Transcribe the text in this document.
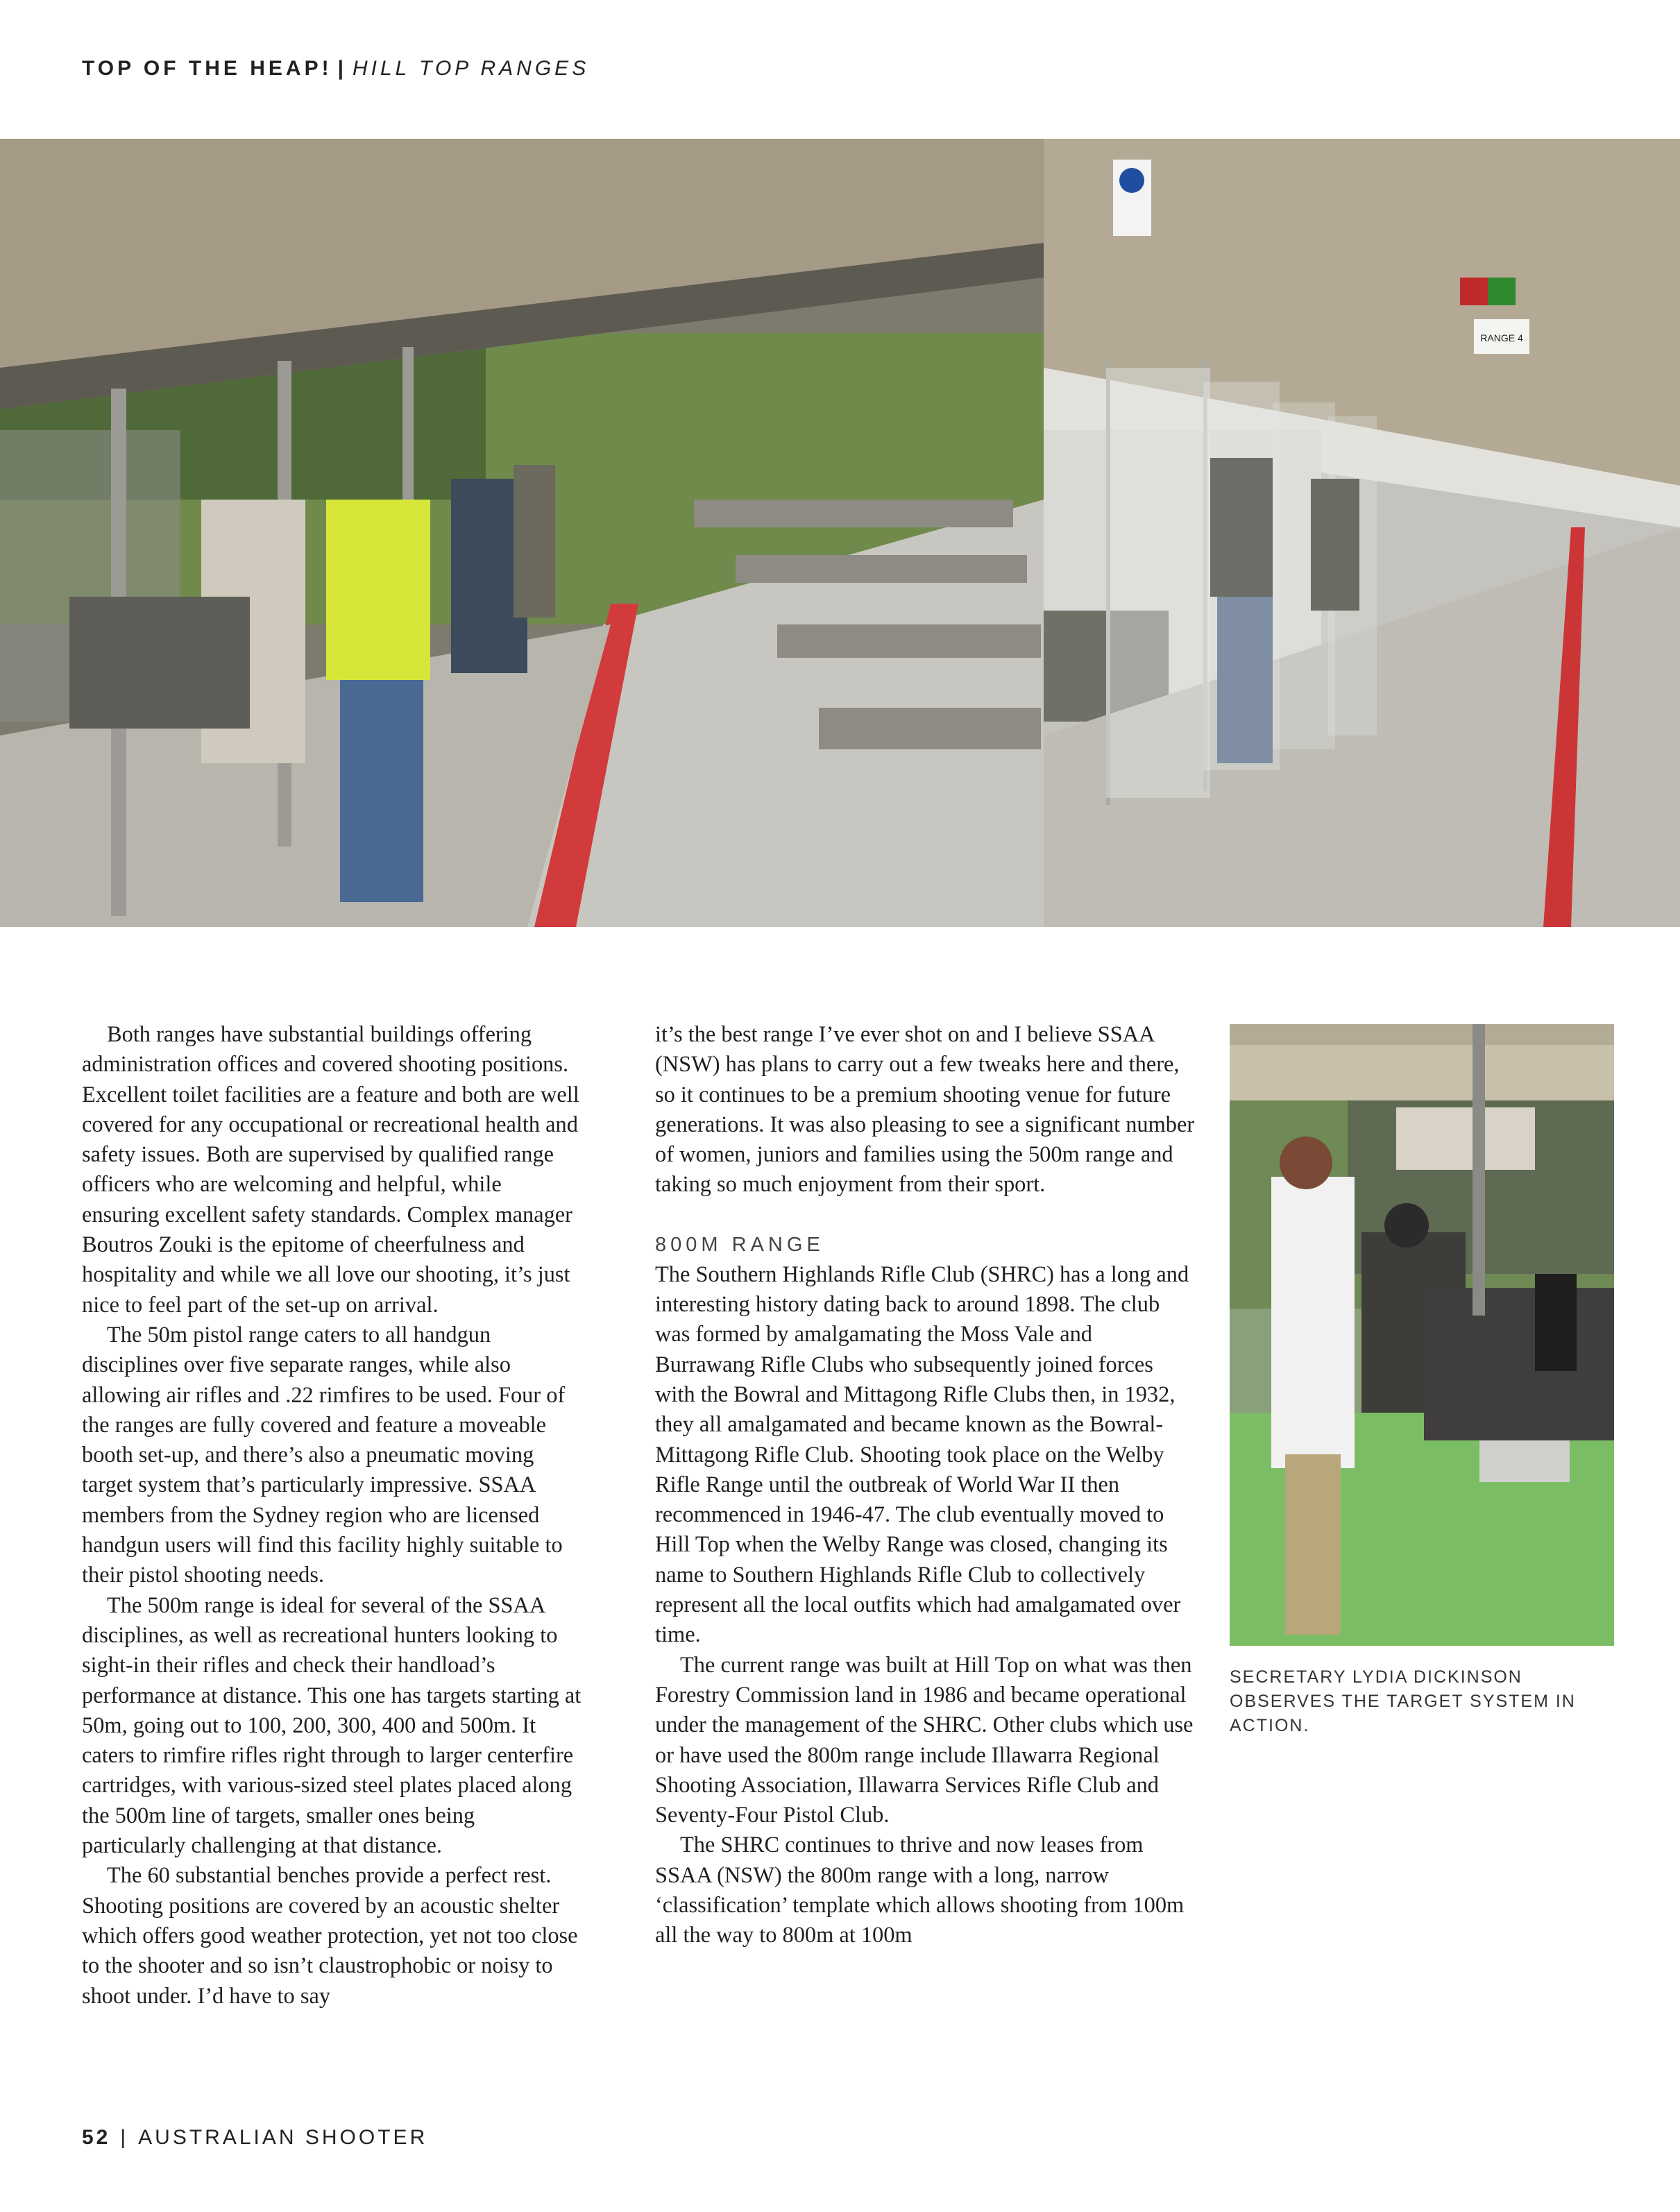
TOP OF THE HEAP! | HILL TOP RANGES
RANGE 4

Both ranges have substantial buildings offering administration offices and covered shooting positions. Excellent toilet facilities are a feature and both are well covered for any occupational or recreational health and safety issues. Both are supervised by qualified range officers who are welcoming and helpful, while ensuring excellent safety standards. Complex manager Boutros Zouki is the epitome of cheerfulness and hospitality and while we all love our shooting, it’s just nice to feel part of the set-up on arrival.

The 50m pistol range caters to all handgun disciplines over five separate ranges, while also allowing air rifles and .22 rimfires to be used. Four of the ranges are fully covered and feature a moveable booth set-up, and there’s also a pneumatic moving target system that’s particularly impressive. SSAA members from the Sydney region who are licensed handgun users will find this facility highly suitable to their pistol shooting needs.

The 500m range is ideal for several of the SSAA disciplines, as well as recreational hunters looking to sight-in their rifles and check their handload’s performance at distance. This one has targets starting at 50m, going out to 100, 200, 300, 400 and 500m. It caters to rimfire rifles right through to larger centerfire cartridges, with various-sized steel plates placed along the 500m line of targets, smaller ones being particularly challenging at that distance.

The 60 substantial benches provide a perfect rest. Shooting positions are covered by an acoustic shelter which offers good weather protection, yet not too close to the shooter and so isn’t claustrophobic or noisy to shoot under. I’d have to say

it’s the best range I’ve ever shot on and I believe SSAA (NSW) has plans to carry out a few tweaks here and there, so it continues to be a premium shooting venue for future generations. It was also pleasing to see a significant number of women, juniors and families using the 500m range and taking so much enjoyment from their sport.

800M RANGE

The Southern Highlands Rifle Club (SHRC) has a long and interesting history dating back to around 1898. The club was formed by amalgamating the Moss Vale and Burrawang Rifle Clubs who subsequently joined forces with the Bowral and Mittagong Rifle Clubs then, in 1932, they all amalgamated and became known as the Bowral-Mittagong Rifle Club. Shooting took place on the Welby Rifle Range until the outbreak of World War II then recommenced in 1946-47. The club eventually moved to Hill Top when the Welby Range was closed, changing its name to Southern Highlands Rifle Club to collectively represent all the local outfits which had amalgamated over time.

The current range was built at Hill Top on what was then Forestry Commission land in 1986 and became operational under the management of the SHRC. Other clubs which use or have used the 800m range include Illawarra Regional Shooting Association, Illawarra Services Rifle Club and Seventy-Four Pistol Club.

The SHRC continues to thrive and now leases from SSAA (NSW) the 800m range with a long, narrow ‘classification’ template which allows shooting from 100m all the way to 800m at 100m

SECRETARY LYDIA DICKINSON OBSERVES THE TARGET SYSTEM IN ACTION.
52 | AUSTRALIAN SHOOTER
